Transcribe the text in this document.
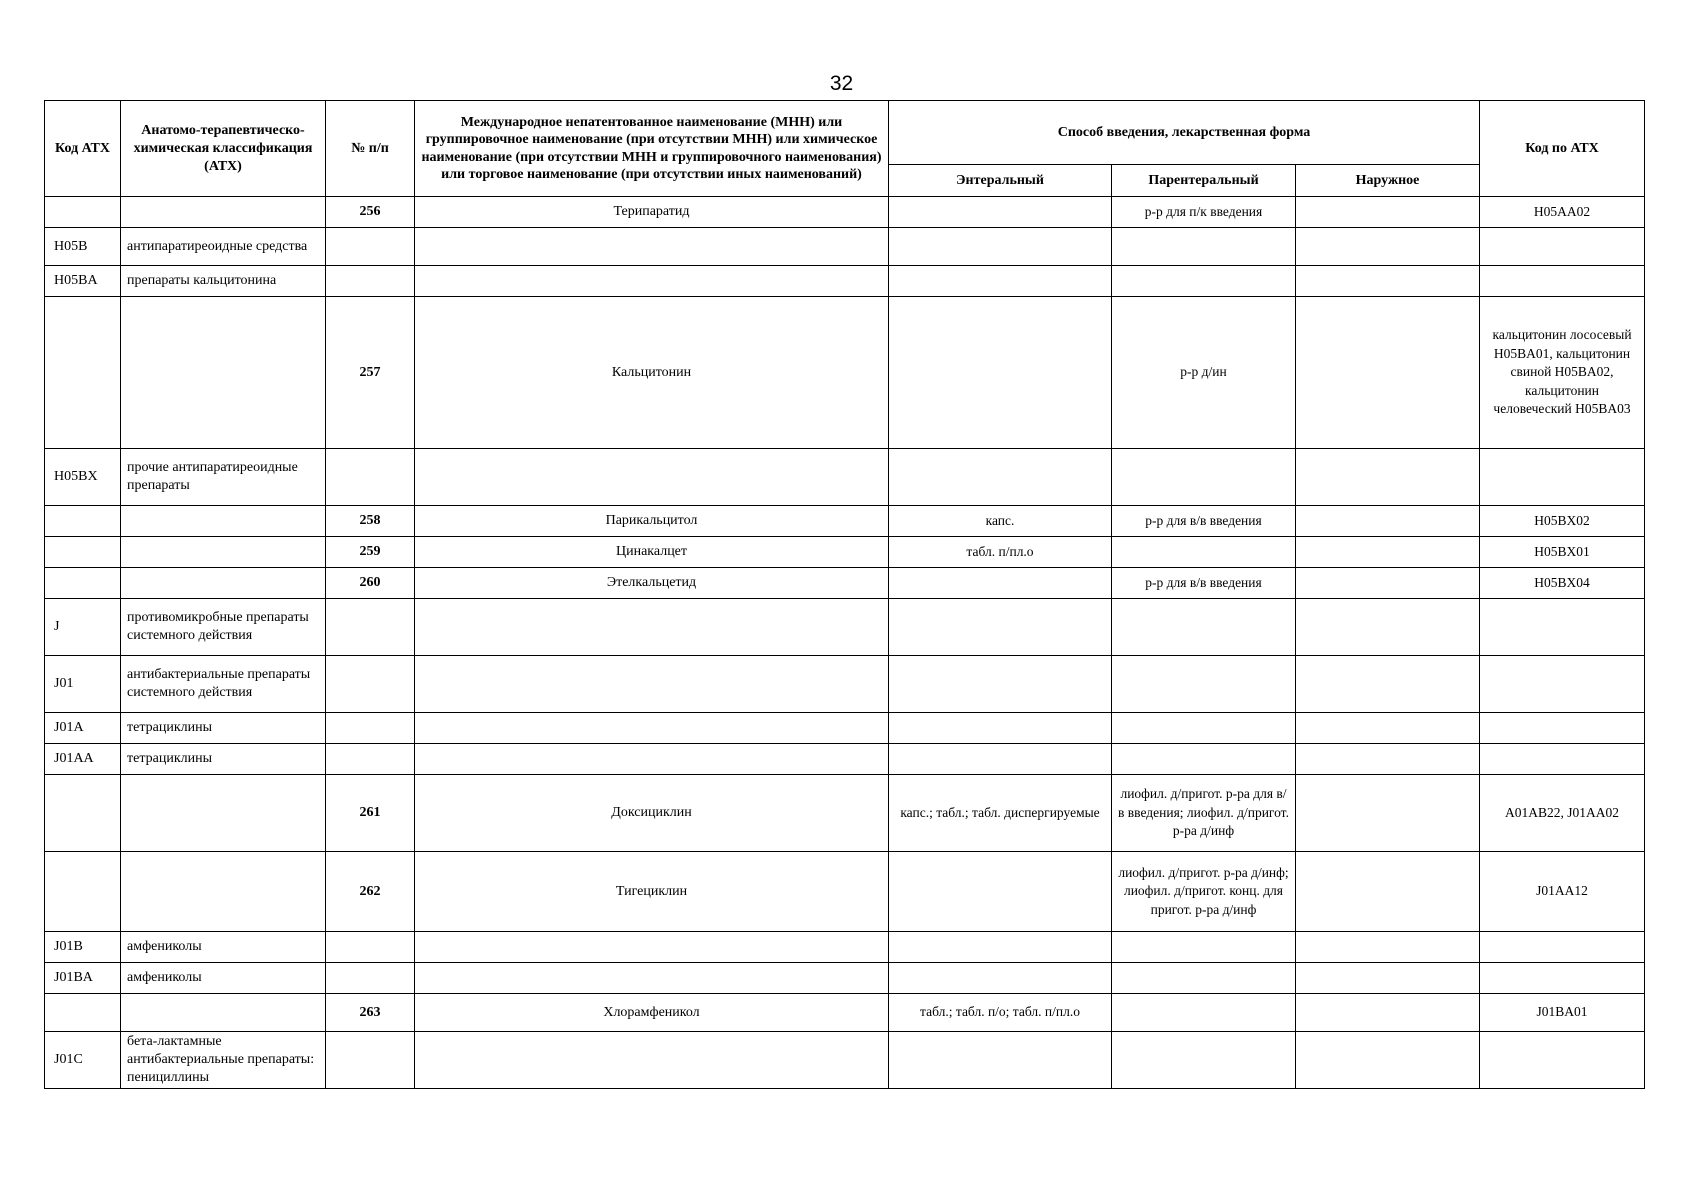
32
Код АТХ	Анатомо-терапевтическо-химическая классификация (АТХ)	№ п/п	Международное непатентованное наименование (МНН) или группировочное наименование (при отсутствии МНН) или химическое наименование (при отсутствии МНН и группировочного наименования) или торговое наименование (при отсутствии иных наименований)	Способ введения, лекарственная форма			Код по АТХ
				Энтеральный	Парентеральный	Наружное	
		256	Терипаратид		р-р для п/к введения		H05AA02
H05B	антипаратиреоидные средства						
H05BA	препараты кальцитонина						
		257	Кальцитонин		р-р д/ин		кальцитонин лососевый H05BA01, кальцитонин свиной H05BA02, кальцитонин человеческий H05BA03
H05BX	прочие антипаратиреоидные препараты						
		258	Парикальцитол	капс.	р-р для в/в введения		H05BX02
		259	Цинакалцет	табл. п/пл.о			H05BX01
		260	Этелкальцетид		р-р для в/в введения		H05BX04
J	противомикробные препараты системного действия						
J01	антибактериальные препараты системного действия						
J01A	тетрациклины						
J01AA	тетрациклины						
		261	Доксициклин	капс.; табл.; табл. диспергируемые	лиофил. д/пригот. р-ра для в/в введения; лиофил. д/пригот. р-ра д/инф		A01AB22, J01AA02
		262	Тигециклин		лиофил. д/пригот. р-ра д/инф; лиофил. д/пригот. конц. для пригот. р-ра д/инф		J01AA12
J01B	амфениколы						
J01BA	амфениколы						
		263	Хлорамфеникол	табл.; табл. п/о; табл. п/пл.о			J01BA01
J01C	бета-лактамные антибактериальные препараты: пенициллины						
